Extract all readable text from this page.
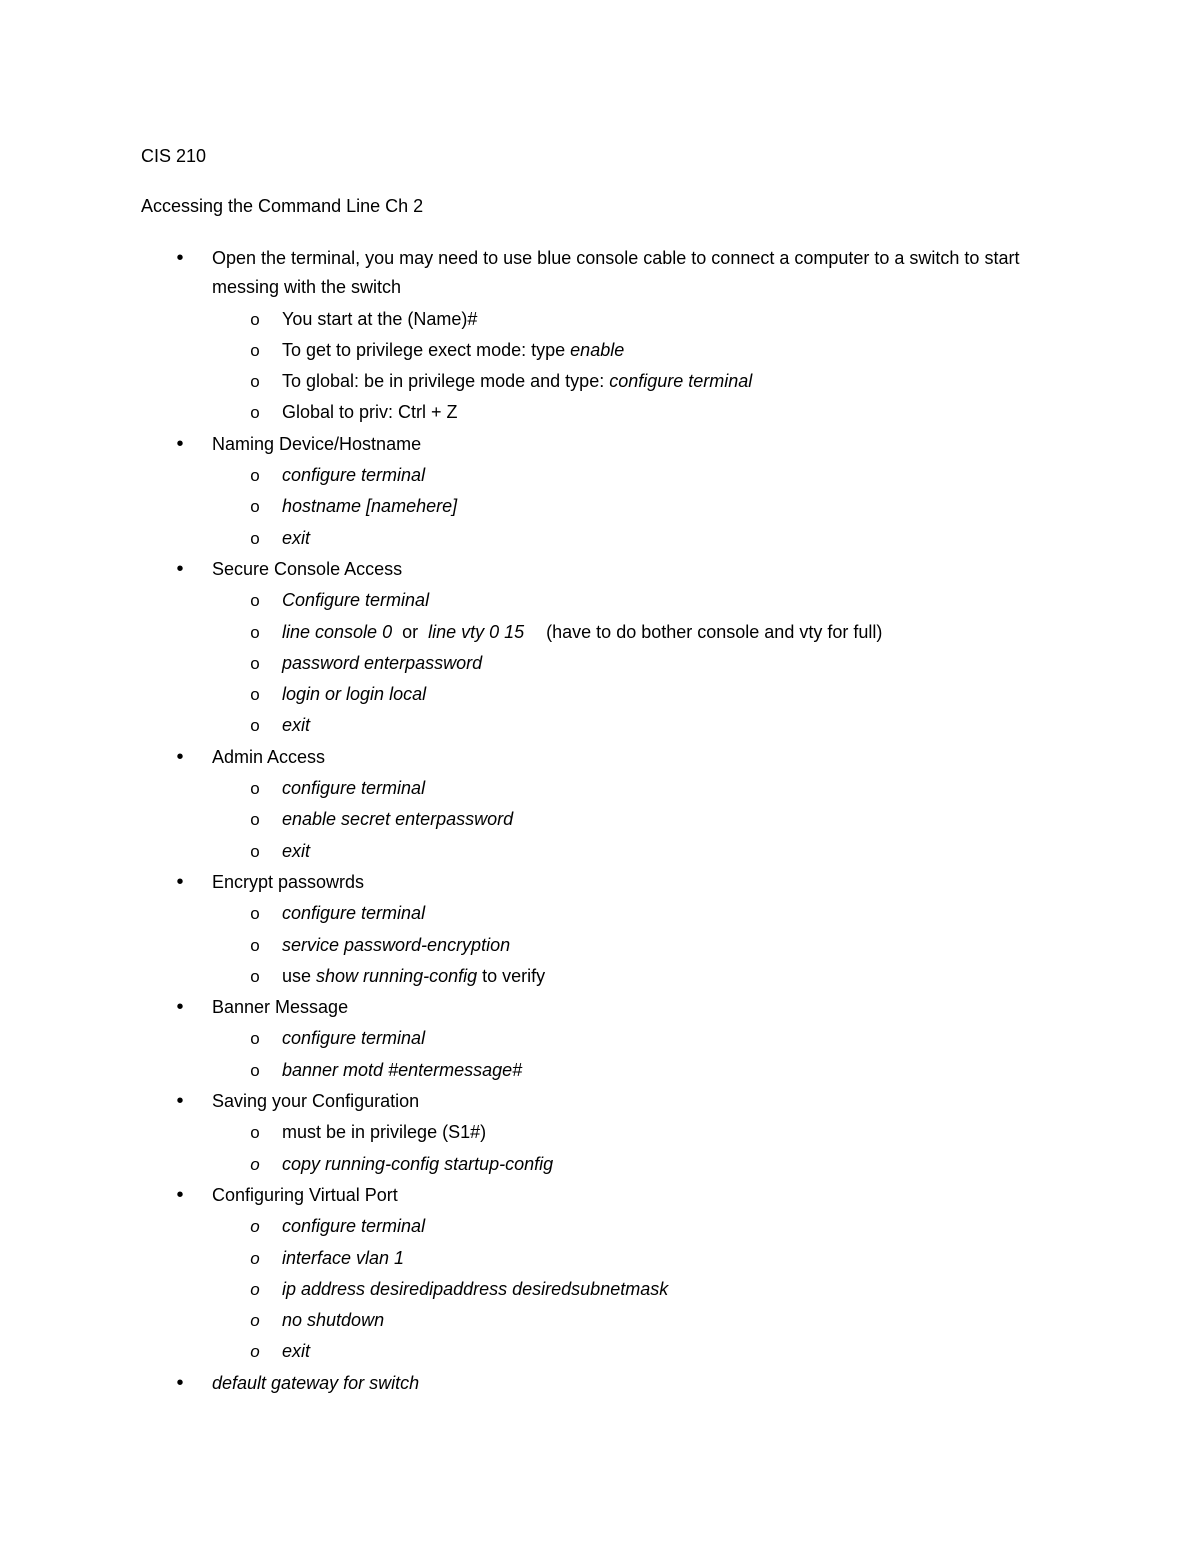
CIS 210
Accessing the Command Line Ch 2
• Open the terminal, you may need to use blue console cable to connect a computer to a switch to start messing with the switch
o You start at the (Name)#
o To get to privilege exect mode: type enable
o To global: be in privilege mode and type: configure terminal
o Global to priv: Ctrl + Z
• Naming Device/Hostname
o configure terminal
o hostname [namehere]
o exit
• Secure Console Access
o Configure terminal
o line console 0  or  line vty 0 15 (have to do bother console and vty for full)
o password enterpassword
o login or login local
o exit
• Admin Access
o configure terminal
o enable secret enterpassword
o exit
• Encrypt passowrds
o configure terminal
o service password-encryption
o use show running-config to verify
• Banner Message
o configure terminal
o banner motd #entermessage#
• Saving your Configuration
o must be in privilege (S1#)
o copy running-config startup-config
• Configuring Virtual Port
o configure terminal
o interface vlan 1
o ip address desiredipaddress desiredsubnetmask
o no shutdown
o exit
• default gateway for switch
